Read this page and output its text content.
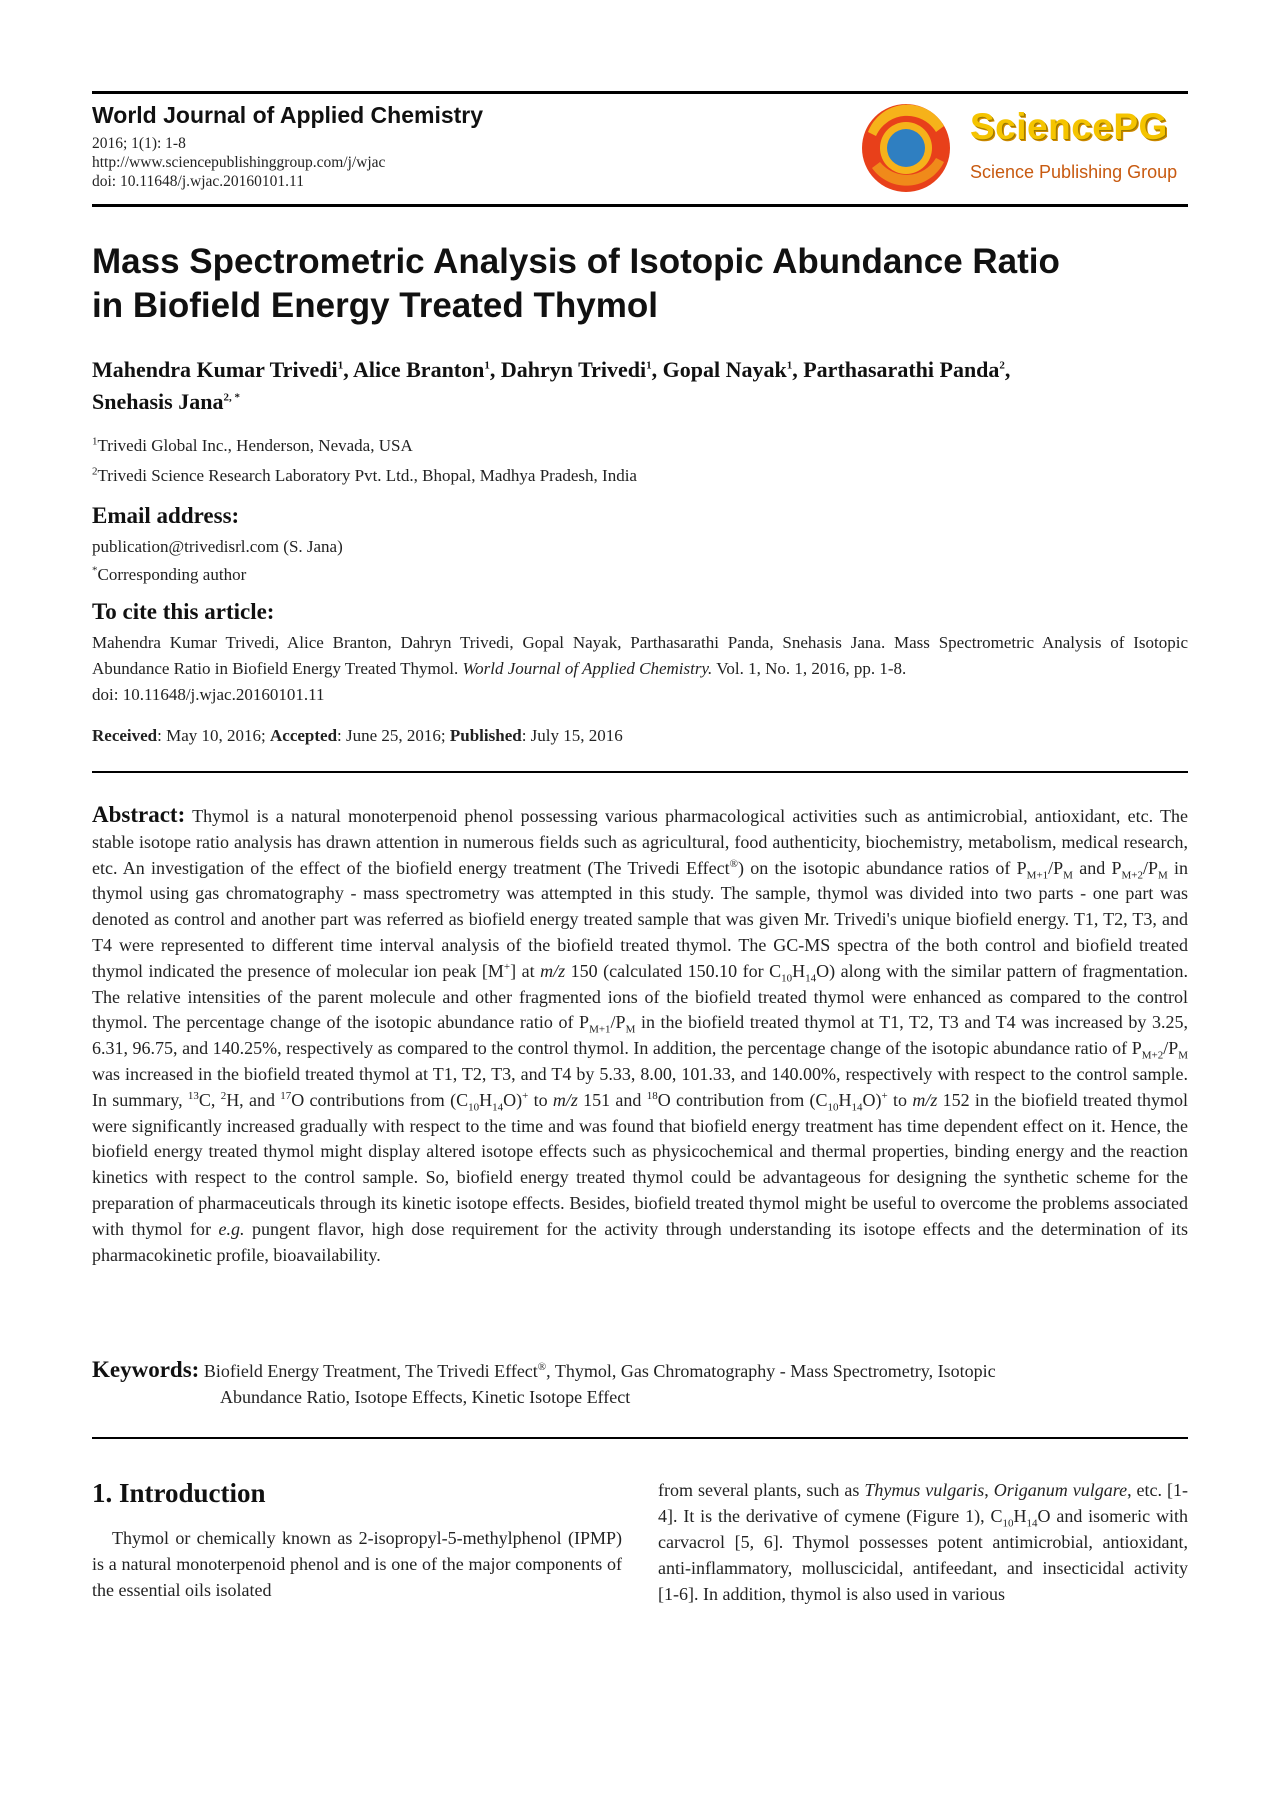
World Journal of Applied Chemistry
2016; 1(1): 1-8
http://www.sciencepublishinggroup.com/j/wjac
doi: 10.11648/j.wjac.20160101.11
SciencePG
Science Publishing Group
Mass Spectrometric Analysis of Isotopic Abundance Ratio
in Biofield Energy Treated Thymol
Mahendra Kumar Trivedi$^1$, Alice Branton$^1$, Dahryn Trivedi$^1$, Gopal Nayak$^1$, Parthasarathi Panda$^2$,
Snehasis Jana$^{2, *}$
$^1$Trivedi Global Inc., Henderson, Nevada, USA
$^2$Trivedi Science Research Laboratory Pvt. Ltd., Bhopal, Madhya Pradesh, India
Email address:
publication@trivedisrl.com (S. Jana)
*Corresponding author
To cite this article:
Mahendra Kumar Trivedi, Alice Branton, Dahryn Trivedi, Gopal Nayak, Parthasarathi Panda, Snehasis Jana. Mass Spectrometric Analysis of Isotopic Abundance Ratio in Biofield Energy Treated Thymol. World Journal of Applied Chemistry. Vol. 1, No. 1, 2016, pp. 1-8.
doi: 10.11648/j.wjac.20160101.11
Received: May 10, 2016; Accepted: June 25, 2016; Published: July 15, 2016
Abstract: Thymol is a natural monoterpenoid phenol possessing various pharmacological activities such as antimicrobial, antioxidant, etc. The stable isotope ratio analysis has drawn attention in numerous fields such as agricultural, food authenticity, biochemistry, metabolism, medical research, etc. An investigation of the effect of the biofield energy treatment (The Trivedi Effect®) on the isotopic abundance ratios of $P_{M+1}/P_M$ and $P_{M+2}/P_M$ in thymol using gas chromatography - mass spectrometry was attempted in this study. The sample, thymol was divided into two parts - one part was denoted as control and another part was referred as biofield energy treated sample that was given Mr. Trivedi's unique biofield energy. T1, T2, T3, and T4 were represented to different time interval analysis of the biofield treated thymol. The GC-MS spectra of the both control and biofield treated thymol indicated the presence of molecular ion peak [M+] at m/z 150 (calculated 150.10 for $C_{10}H_{14}O$) along with the similar pattern of fragmentation. The relative intensities of the parent molecule and other fragmented ions of the biofield treated thymol were enhanced as compared to the control thymol. The percentage change of the isotopic abundance ratio of $P_{M+1}/P_M$ in the biofield treated thymol at T1, T2, T3 and T4 was increased by 3.25, 6.31, 96.75, and 140.25%, respectively as compared to the control thymol. In addition, the percentage change of the isotopic abundance ratio of $P_{M+2}/P_M$ was increased in the biofield treated thymol at T1, T2, T3, and T4 by 5.33, 8.00, 101.33, and 140.00%, respectively with respect to the control sample. In summary, $^{13}$C, $^2$H, and $^{17}$O contributions from $(C_{10}H_{14}O)^+$ to m/z 151 and $^{18}$O contribution from $(C_{10}H_{14}O)^+$ to m/z 152 in the biofield treated thymol were significantly increased gradually with respect to the time and was found that biofield energy treatment has time dependent effect on it. Hence, the biofield energy treated thymol might display altered isotope effects such as physicochemical and thermal properties, binding energy and the reaction kinetics with respect to the control sample. So, biofield energy treated thymol could be advantageous for designing the synthetic scheme for the preparation of pharmaceuticals through its kinetic isotope effects. Besides, biofield treated thymol might be useful to overcome the problems associated with thymol for e.g. pungent flavor, high dose requirement for the activity through understanding its isotope effects and the determination of its pharmacokinetic profile, bioavailability.
Keywords: Biofield Energy Treatment, The Trivedi Effect®, Thymol, Gas Chromatography - Mass Spectrometry, Isotopic
Abundance Ratio, Isotope Effects, Kinetic Isotope Effect
1. Introduction
Thymol or chemically known as 2-isopropyl-5-methylphenol (IPMP) is a natural monoterpenoid phenol and is one of the major components of the essential oils isolated
from several plants, such as Thymus vulgaris, Origanum vulgare, etc. [1-4]. It is the derivative of cymene (Figure 1), $C_{10}H_{14}O$ and isomeric with carvacrol [5, 6]. Thymol possesses potent antimicrobial, antioxidant, anti-inflammatory, molluscicidal, antifeedant, and insecticidal activity [1-6]. In addition, thymol is also used in various
